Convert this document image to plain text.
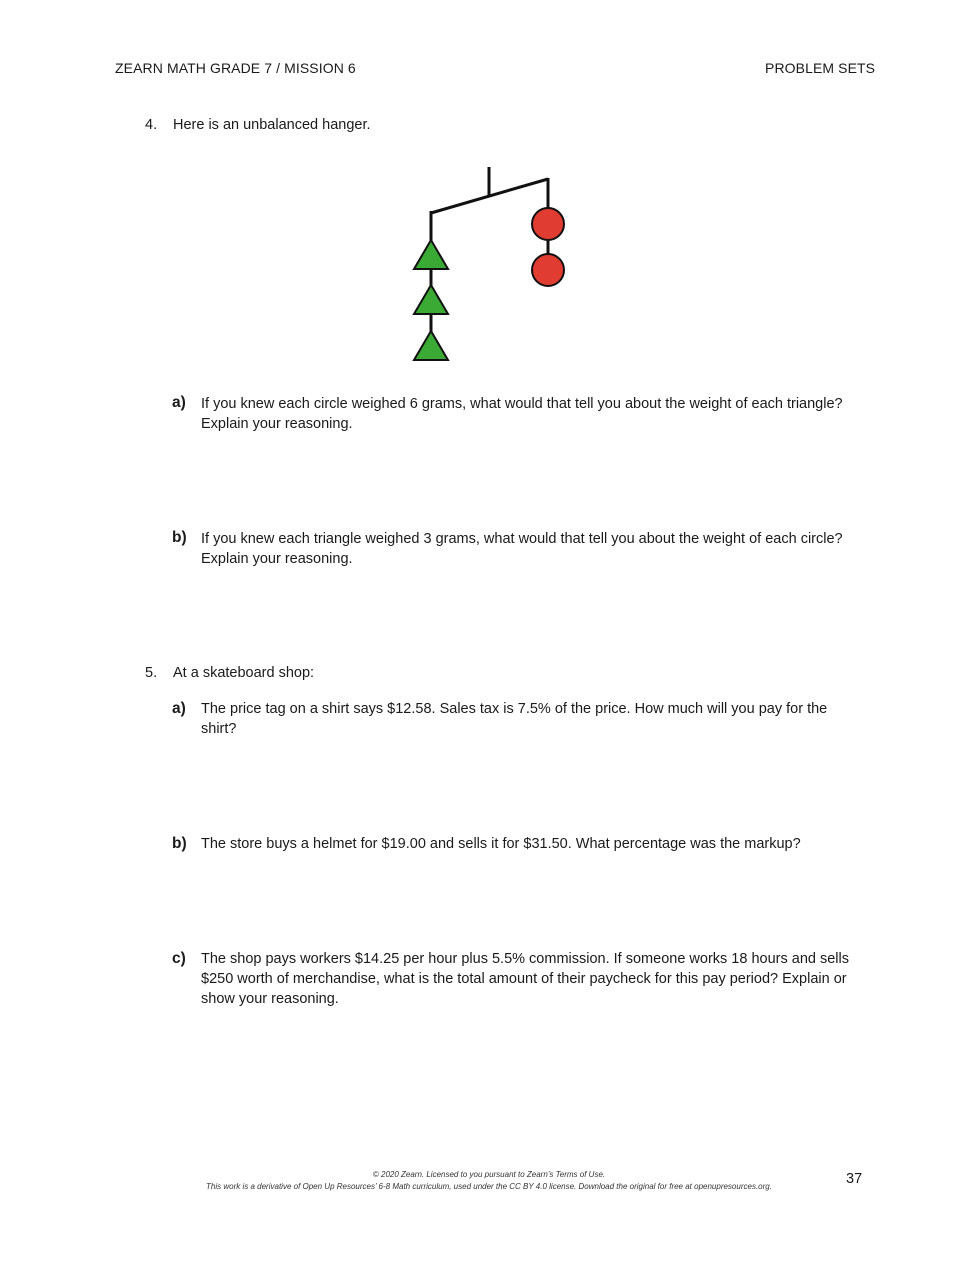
ZEARN MATH GRADE 7 / MISSION 6	PROBLEM SETS
4. Here is an unbalanced hanger.
a) If you knew each circle weighed 6 grams, what would that tell you about the weight of each triangle?
Explain your reasoning.
b) If you knew each triangle weighed 3 grams, what would that tell you about the weight of each circle?
Explain your reasoning.
5. At a skateboard shop:
a) The price tag on a shirt says $12.58. Sales tax is 7.5% of the price. How much will you pay for the
shirt?
b) The store buys a helmet for $19.00 and sells it for $31.50. What percentage was the markup?
c) The shop pays workers $14.25 per hour plus 5.5% commission. If someone works 18 hours and sells
$250 worth of merchandise, what is the total amount of their paycheck for this pay period? Explain or
show your reasoning.
© 2020 Zearn. Licensed to you pursuant to Zearn’s Terms of Use.
This work is a derivative of Open Up Resources’ 6-8 Math curriculum, used under the CC BY 4.0 license. Download the original for free at openupresources.org.	37
